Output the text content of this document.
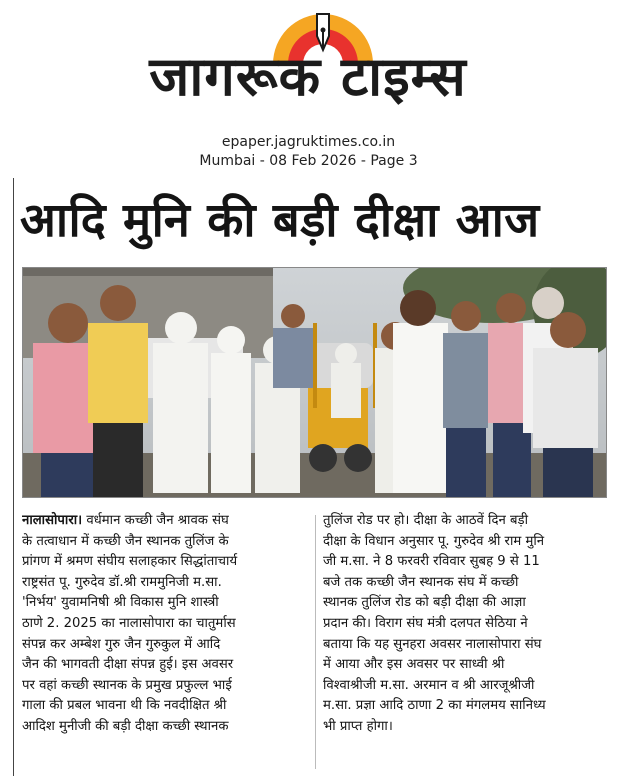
जागरूक टाइम्स
epaper.jagruktimes.co.in
Mumbai - 08 Feb 2026 - Page 3
आदि मुनि की बड़ी दीक्षा आज
नालासोपारा। वर्धमान कच्छी जैन श्रावक संघ
के तत्वाधान में कच्छी जैन स्थानक तुलिंज के
प्रांगण में श्रमण संघीय सलाहकार सिद्धांताचार्य
राष्ट्रसंत पू. गुरुदेव डॉ.श्री राममुनिजी म.सा.
'निर्भय' युवामनिषी श्री विकास मुनि शास्त्री
ठाणे 2. 2025 का नालासोपारा का चातुर्मास
संपन्न कर अम्बेश गुरु जैन गुरुकुल में आदि
जैन की भागवती दीक्षा संपन्न हुई। इस अवसर
पर वहां कच्छी स्थानक के प्रमुख प्रफुल्ल भाई
गाला की प्रबल भावना थी कि नवदीक्षित श्री
आदिश मुनीजी की बड़ी दीक्षा कच्छी स्थानक
तुलिंज रोड पर हो। दीक्षा के आठवें दिन बड़ी
दीक्षा के विधान अनुसार पू. गुरुदेव श्री राम मुनि
जी म.सा. ने 8 फरवरी रविवार सुबह 9 से 11
बजे तक कच्छी जैन स्थानक संघ में कच्छी
स्थानक तुलिंज रोड को बड़ी दीक्षा की आज्ञा
प्रदान की। विराग संघ मंत्री दलपत सेठिया ने
बताया कि यह सुनहरा अवसर नालासोपारा संघ
में आया और इस अवसर पर साध्वी श्री
विश्वाश्रीजी म.सा. अरमान व श्री आरजूश्रीजी
म.सा. प्रज्ञा आदि ठाणा 2 का मंगलमय सानिध्य
भी प्राप्त होगा।
